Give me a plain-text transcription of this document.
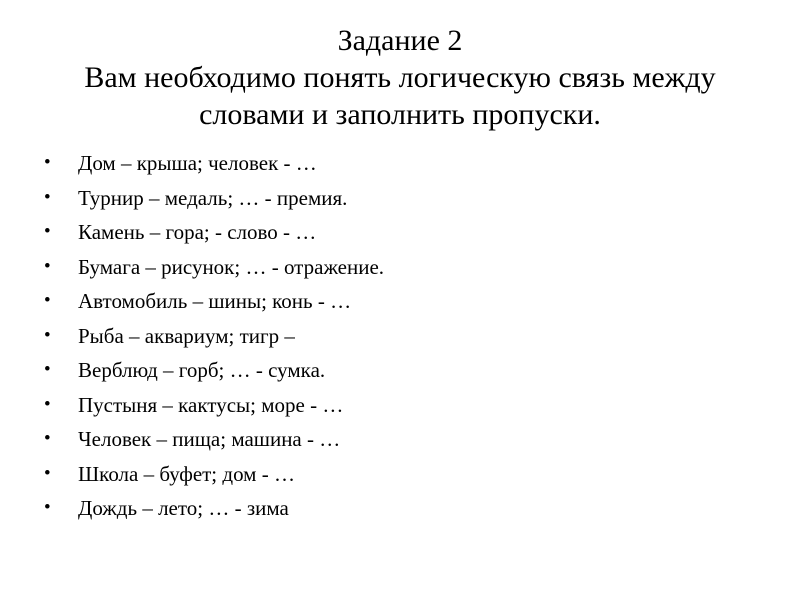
Задание 2
Вам необходимо понять логическую связь между
словами и заполнить пропуски.
•	Дом – крыша; человек - …
•	Турнир – медаль; … - премия.
•	Камень – гора; - слово - …
•	Бумага – рисунок; … - отражение.
•	Автомобиль – шины; конь - …
•	Рыба – аквариум; тигр –
•	Верблюд – горб; … - сумка.
•	Пустыня – кактусы; море - …
•	Человек – пища; машина - …
•	Школа – буфет; дом - …
•	Дождь – лето; … - зима
